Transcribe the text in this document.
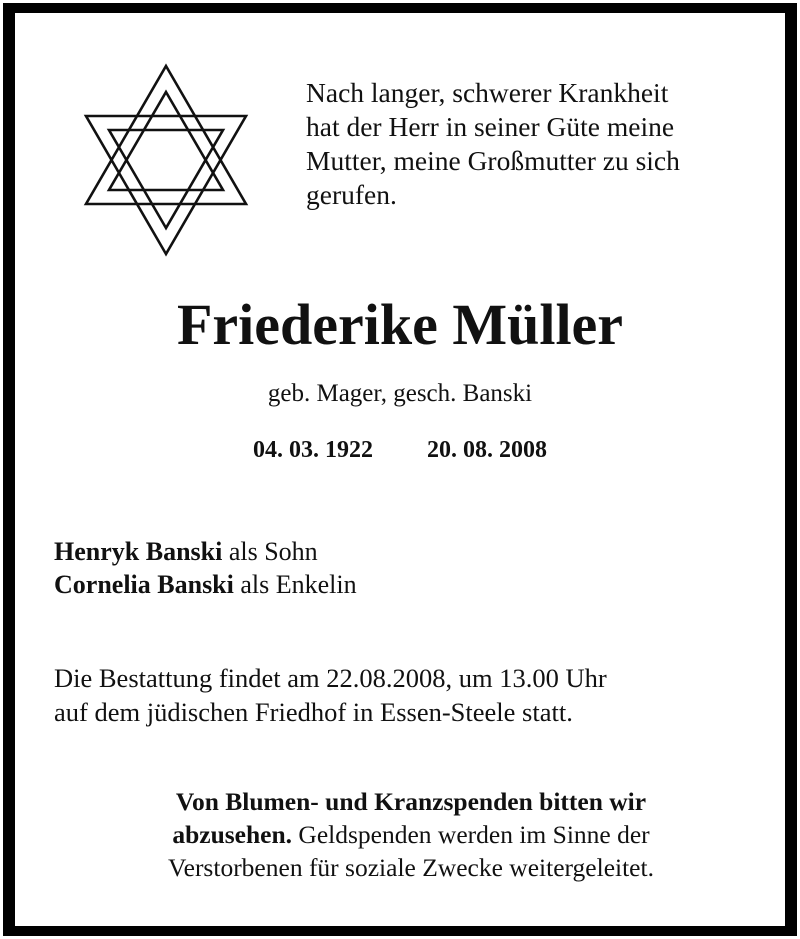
Nach langer, schwerer Krankheit
hat der Herr in seiner Güte meine
Mutter, meine Großmutter zu sich
gerufen.
Friederike Müller
geb. Mager, gesch. Banski
04. 03. 1922 20. 08. 2008
Henryk Banski als Sohn
Cornelia Banski als Enkelin
Die Bestattung findet am 22.08.2008, um 13.00 Uhr
auf dem jüdischen Friedhof in Essen-Steele statt.
Von Blumen- und Kranzspenden bitten wir
abzusehen. Geldspenden werden im Sinne der
Verstorbenen für soziale Zwecke weitergeleitet.
